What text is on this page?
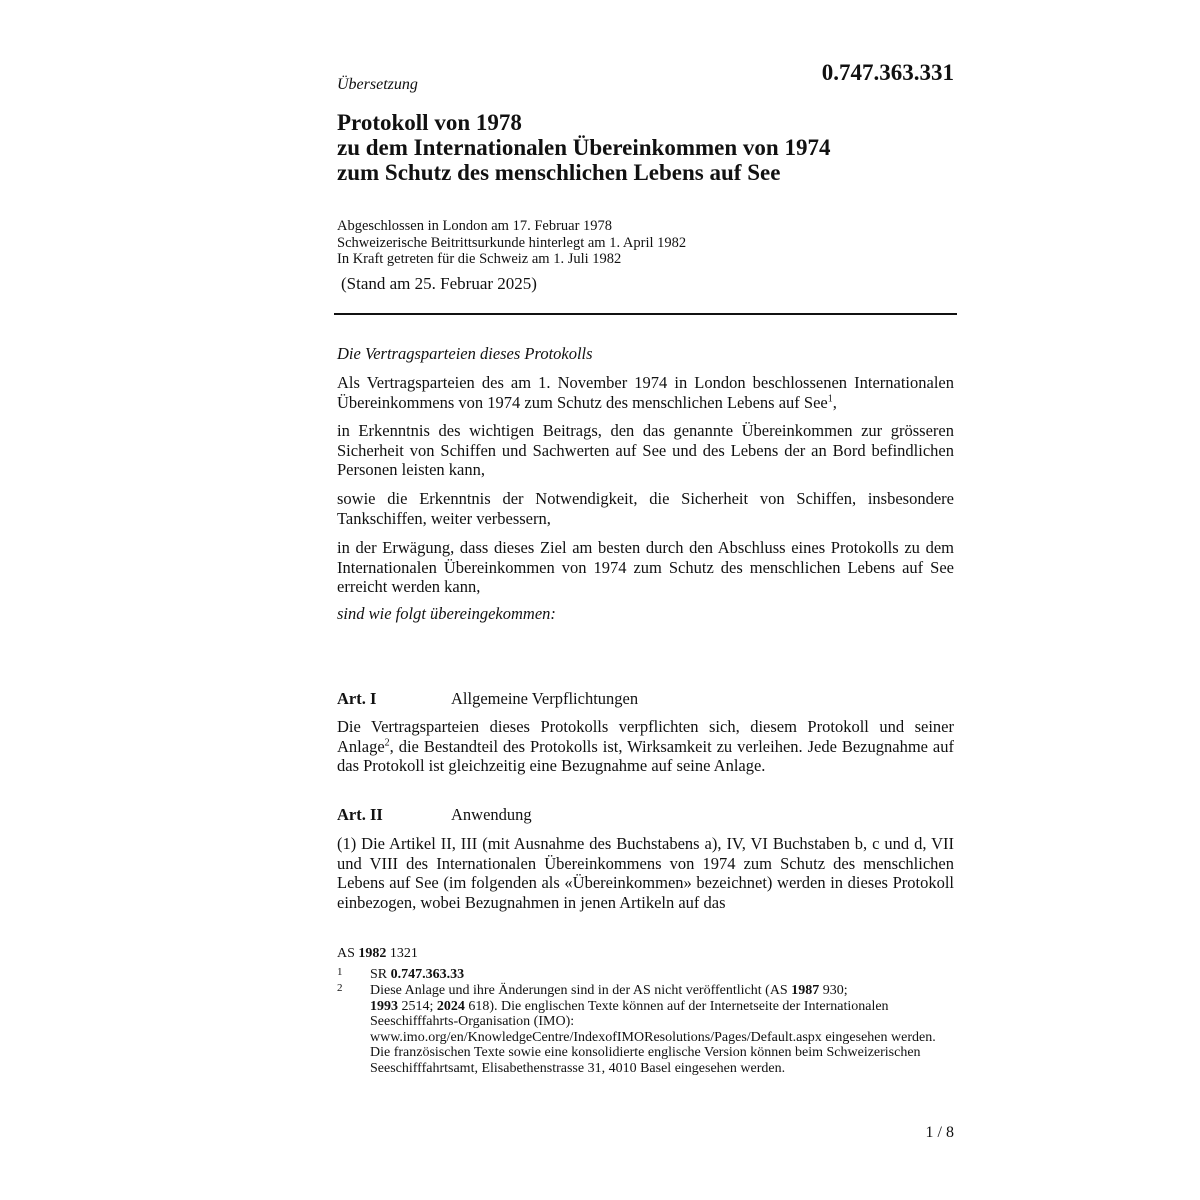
Übersetzung	0.747.363.331
Protokoll von 1978
zu dem Internationalen Übereinkommen von 1974
zum Schutz des menschlichen Lebens auf See
Abgeschlossen in London am 17. Februar 1978
Schweizerische Beitrittsurkunde hinterlegt am 1. April 1982
In Kraft getreten für die Schweiz am 1. Juli 1982
(Stand am 25. Februar 2025)
Die Vertragsparteien dieses Protokolls
Als Vertragsparteien des am 1. November 1974 in London beschlossenen Internationalen Übereinkommens von 1974 zum Schutz des menschlichen Lebens auf See$^1$,
in Erkenntnis des wichtigen Beitrags, den das genannte Übereinkommen zur grösseren Sicherheit von Schiffen und Sachwerten auf See und des Lebens der an Bord befindlichen Personen leisten kann,
sowie die Erkenntnis der Notwendigkeit, die Sicherheit von Schiffen, insbesondere Tankschiffen, weiter verbessern,
in der Erwägung, dass dieses Ziel am besten durch den Abschluss eines Protokolls zu dem Internationalen Übereinkommen von 1974 zum Schutz des menschlichen Lebens auf See erreicht werden kann,
sind wie folgt übereingekommen:
Art. I	Allgemeine Verpflichtungen
Die Vertragsparteien dieses Protokolls verpflichten sich, diesem Protokoll und seiner Anlage$^2$, die Bestandteil des Protokolls ist, Wirksamkeit zu verleihen. Jede Bezugnahme auf das Protokoll ist gleichzeitig eine Bezugnahme auf seine Anlage.
Art. II	Anwendung
(1) Die Artikel II, III (mit Ausnahme des Buchstabens a), IV, VI Buchstaben b, c und d, VII und VIII des Internationalen Übereinkommens von 1974 zum Schutz des menschlichen Lebens auf See (im folgenden als «Übereinkommen» bezeichnet) werden in dieses Protokoll einbezogen, wobei Bezugnahmen in jenen Artikeln auf das
AS 1982 1321
1 SR 0.747.363.33
2 Diese Anlage und ihre Änderungen sind in der AS nicht veröffentlicht (AS 1987 930;
1993 2514; 2024 618). Die englischen Texte können auf der Internetseite der Internationalen Seeschifffahrts-Organisation (IMO):
www.imo.org/en/KnowledgeCentre/IndexofIMOResolutions/Pages/Default.aspx eingesehen werden. Die französischen Texte sowie eine konsolidierte englische Version können beim Schweizerischen Seeschifffahrtsamt, Elisabethenstrasse 31, 4010 Basel eingesehen werden.
1 / 8
